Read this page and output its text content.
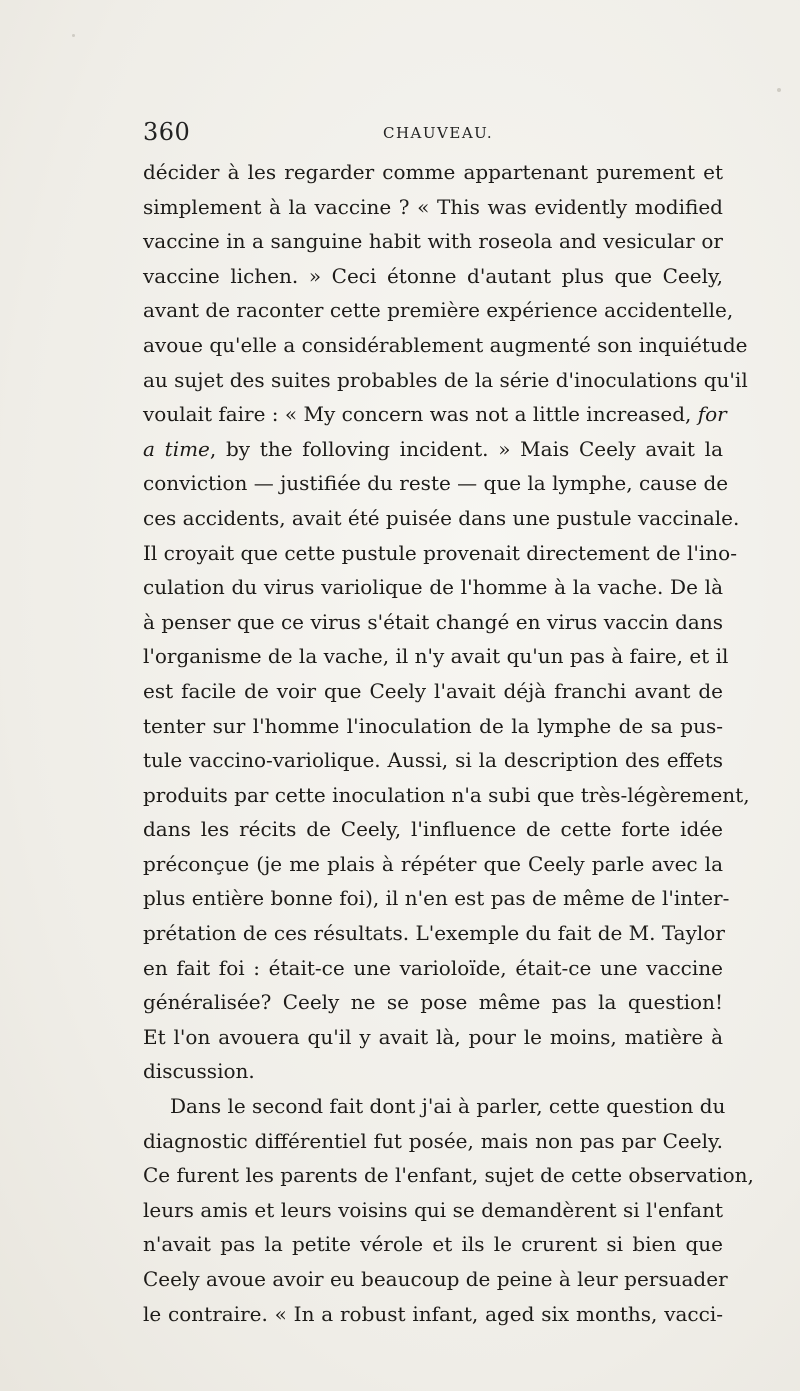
360	CHAUVEAU.
décider à les regarder comme appartenant purement et
simplement à la vaccine ? « This was evidently modified
vaccine in a sanguine habit with roseola and vesicular or
vaccine lichen. » Ceci étonne d'autant plus que Ceely,
avant de raconter cette première expérience accidentelle,
avoue qu'elle a considérablement augmenté son inquiétude
au sujet des suites probables de la série d'inoculations qu'il
voulait faire : « My concern was not a little increased, for
a time, by the folloving incident. » Mais Ceely avait la
conviction — justifiée du reste — que la lymphe, cause de
ces accidents, avait été puisée dans une pustule vaccinale.
Il croyait que cette pustule provenait directement de l'ino-
culation du virus variolique de l'homme à la vache. De là
à penser que ce virus s'était changé en virus vaccin dans
l'organisme de la vache, il n'y avait qu'un pas à faire, et il
est facile de voir que Ceely l'avait déjà franchi avant de
tenter sur l'homme l'inoculation de la lymphe de sa pus-
tule vaccino-variolique. Aussi, si la description des effets
produits par cette inoculation n'a subi que très-légèrement,
dans les récits de Ceely, l'influence de cette forte idée
préconçue (je me plais à répéter que Ceely parle avec la
plus entière bonne foi), il n'en est pas de même de l'inter-
prétation de ces résultats. L'exemple du fait de M. Taylor
en fait foi : était-ce une varioloïde, était-ce une vaccine
généralisée? Ceely ne se pose même pas la question!
Et l'on avouera qu'il y avait là, pour le moins, matière à
discussion.
Dans le second fait dont j'ai à parler, cette question du
diagnostic différentiel fut posée, mais non pas par Ceely.
Ce furent les parents de l'enfant, sujet de cette observation,
leurs amis et leurs voisins qui se demandèrent si l'enfant
n'avait pas la petite vérole et ils le crurent si bien que
Ceely avoue avoir eu beaucoup de peine à leur persuader
le contraire. « In a robust infant, aged six months, vacci-
